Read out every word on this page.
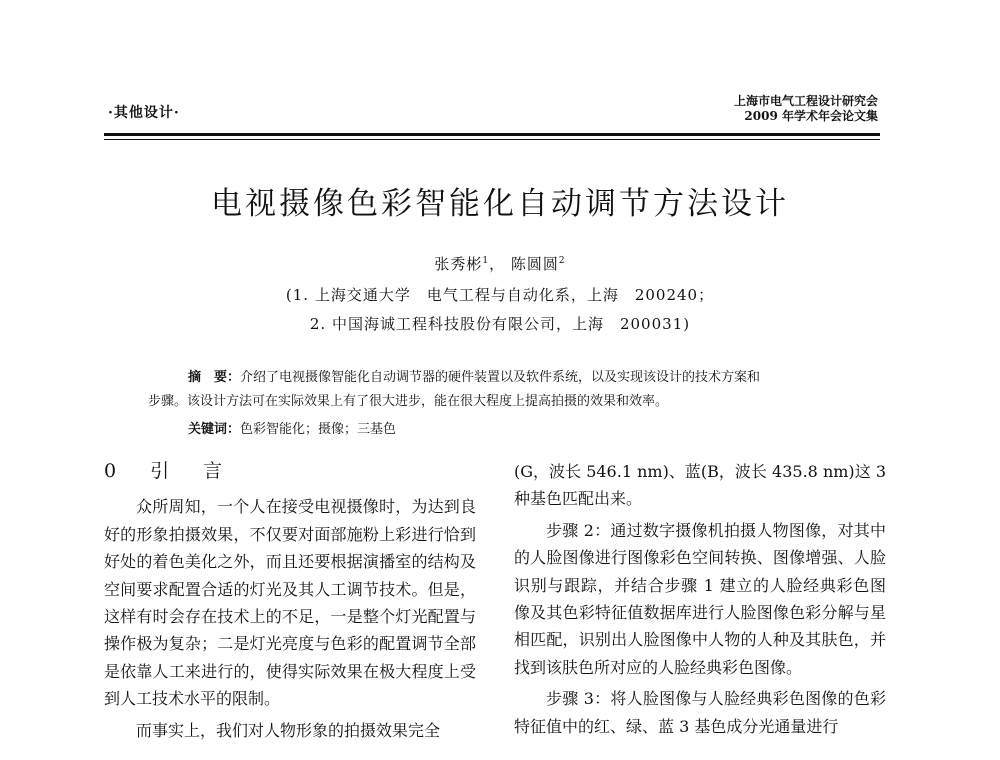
·其他设计·
上海市电气工程设计研究会
2009 年学术年会论文集
电视摄像色彩智能化自动调节方法设计
张秀彬$^1$， 陈圆圆$^2$
(1. 上海交通大学　电气工程与自动化系，上海　200240；
2. 中国海诚工程科技股份有限公司，上海　200031)
摘　要：介绍了电视摄像智能化自动调节器的硬件装置以及软件系统，以及实现该设计的技术方案和
步骤。该设计方法可在实际效果上有了很大进步，能在很大程度上提高拍摄的效果和效率。
关键词：色彩智能化；摄像；三基色

0 引 言

众所周知，一个人在接受电视摄像时，为达到良好的形象拍摄效果，不仅要对面部施粉上彩进行恰到好处的着色美化之外，而且还要根据演播室的结构及空间要求配置合适的灯光及其人工调节技术。但是，这样有时会存在技术上的不足，一是整个灯光配置与操作极为复杂；二是灯光亮度与色彩的配置调节全部是依靠人工来进行的，使得实际效果在极大程度上受到人工技术水平的限制。

而事实上，我们对人物形象的拍摄效果完全

(G，波长 546.1 nm)、蓝(B，波长 435.8 nm)这 3 种基色匹配出来。

步骤 2：通过数字摄像机拍摄人物图像，对其中的人脸图像进行图像彩色空间转换、图像增强、人脸识别与跟踪，并结合步骤 1 建立的人脸经典彩色图像及其色彩特征值数据库进行人脸图像色彩分解与星相匹配，识别出人脸图像中人物的人种及其肤色，并找到该肤色所对应的人脸经典彩色图像。

步骤 3：将人脸图像与人脸经典彩色图像的色彩特征值中的红、绿、蓝 3 基色成分光通量进行
